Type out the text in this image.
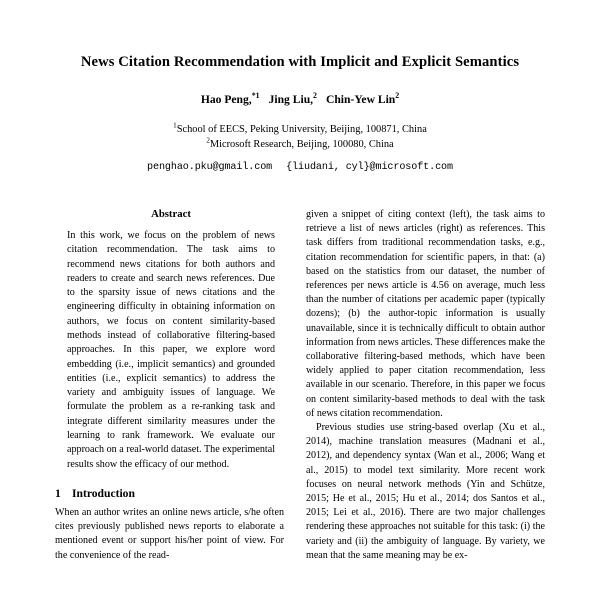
News Citation Recommendation with Implicit and Explicit Semantics
Hao Peng,$^{*1}$ Jing Liu,$^2$ Chin-Yew Lin$^2$
$^1$School of EECS, Peking University, Beijing, 100871, China
$^2$Microsoft Research, Beijing, 100080, China
penghao.pku@gmail.com {liudani, cyl}@microsoft.com
Abstract

In this work, we focus on the problem of news citation recommendation. The task aims to recommend news citations for both authors and readers to create and search news references. Due to the sparsity issue of news citations and the engineering difficulty in obtaining information on authors, we focus on content similarity-based methods instead of collaborative filtering-based approaches. In this paper, we explore word embedding (i.e., implicit semantics) and grounded entities (i.e., explicit semantics) to address the variety and ambiguity issues of language. We formulate the problem as a re-ranking task and integrate different similarity measures under the learning to rank framework. We evaluate our approach on a real-world dataset. The experimental results show the efficacy of our method.

1 Introduction

When an author writes an online news article, s/he often cites previously published news reports to elaborate a mentioned event or support his/her point of view. For the convenience of the read-

given a snippet of citing context (left), the task aims to retrieve a list of news articles (right) as references. This task differs from traditional recommendation tasks, e.g., citation recommendation for scientific papers, in that: (a) based on the statistics from our dataset, the number of references per news article is 4.56 on average, much less than the number of citations per academic paper (typically dozens); (b) the author-topic information is usually unavailable, since it is technically difficult to obtain author information from news articles. These differences make the collaborative filtering-based methods, which have been widely applied to paper citation recommendation, less available in our scenario. Therefore, in this paper we focus on content similarity-based methods to deal with the task of news citation recommendation.

Previous studies use string-based overlap (Xu et al., 2014), machine translation measures (Madnani et al., 2012), and dependency syntax (Wan et al., 2006; Wang et al., 2015) to model text similarity. More recent work focuses on neural network methods (Yin and Schütze, 2015; He et al., 2015; Hu et al., 2014; dos Santos et al., 2015; Lei et al., 2016). There are two major challenges rendering these approaches not suitable for this task: (i) the variety and (ii) the ambiguity of language. By variety, we mean that the same meaning may be ex-
